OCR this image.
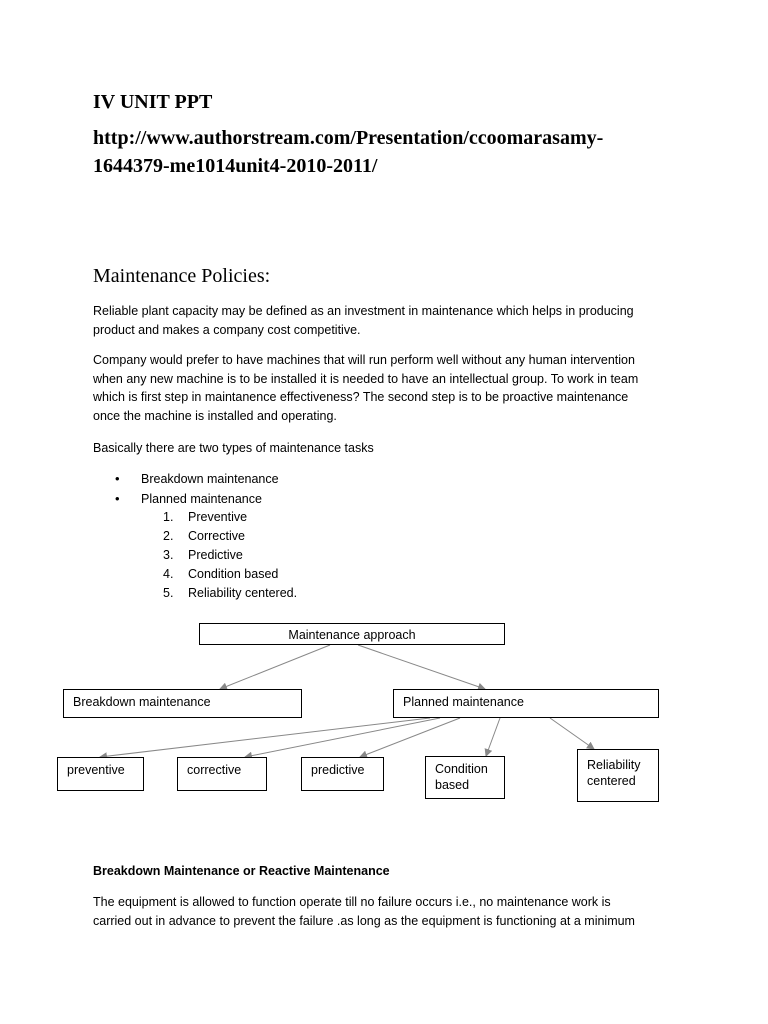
IV UNIT PPT
http://www.authorstream.com/Presentation/ccoomarasamy-
1644379-me1014unit4-2010-2011/
Maintenance Policies:
Reliable plant capacity may be defined as an investment in maintenance which helps in producing
product and makes a company cost competitive.
Company would prefer to have machines that will run perform well without any human intervention
when any new machine is to be installed it is needed to have an intellectual group. To work in team
which is first step in maintanence effectiveness? The second step is to be proactive maintenance
once the machine is installed and operating.
Basically there are two types of maintenance tasks
• Breakdown maintenance
• Planned maintenance
1. Preventive
2. Corrective
3. Predictive
4. Condition based
5. Reliability centered.
Maintenance approach
Breakdown maintenance	Planned maintenance
preventive	corrective	predictive	Condition
based
Reliability
centered
Breakdown Maintenance or Reactive Maintenance
The equipment is allowed to function operate till no failure occurs i.e., no maintenance work is
carried out in advance to prevent the failure .as long as the equipment is functioning at a minimum
